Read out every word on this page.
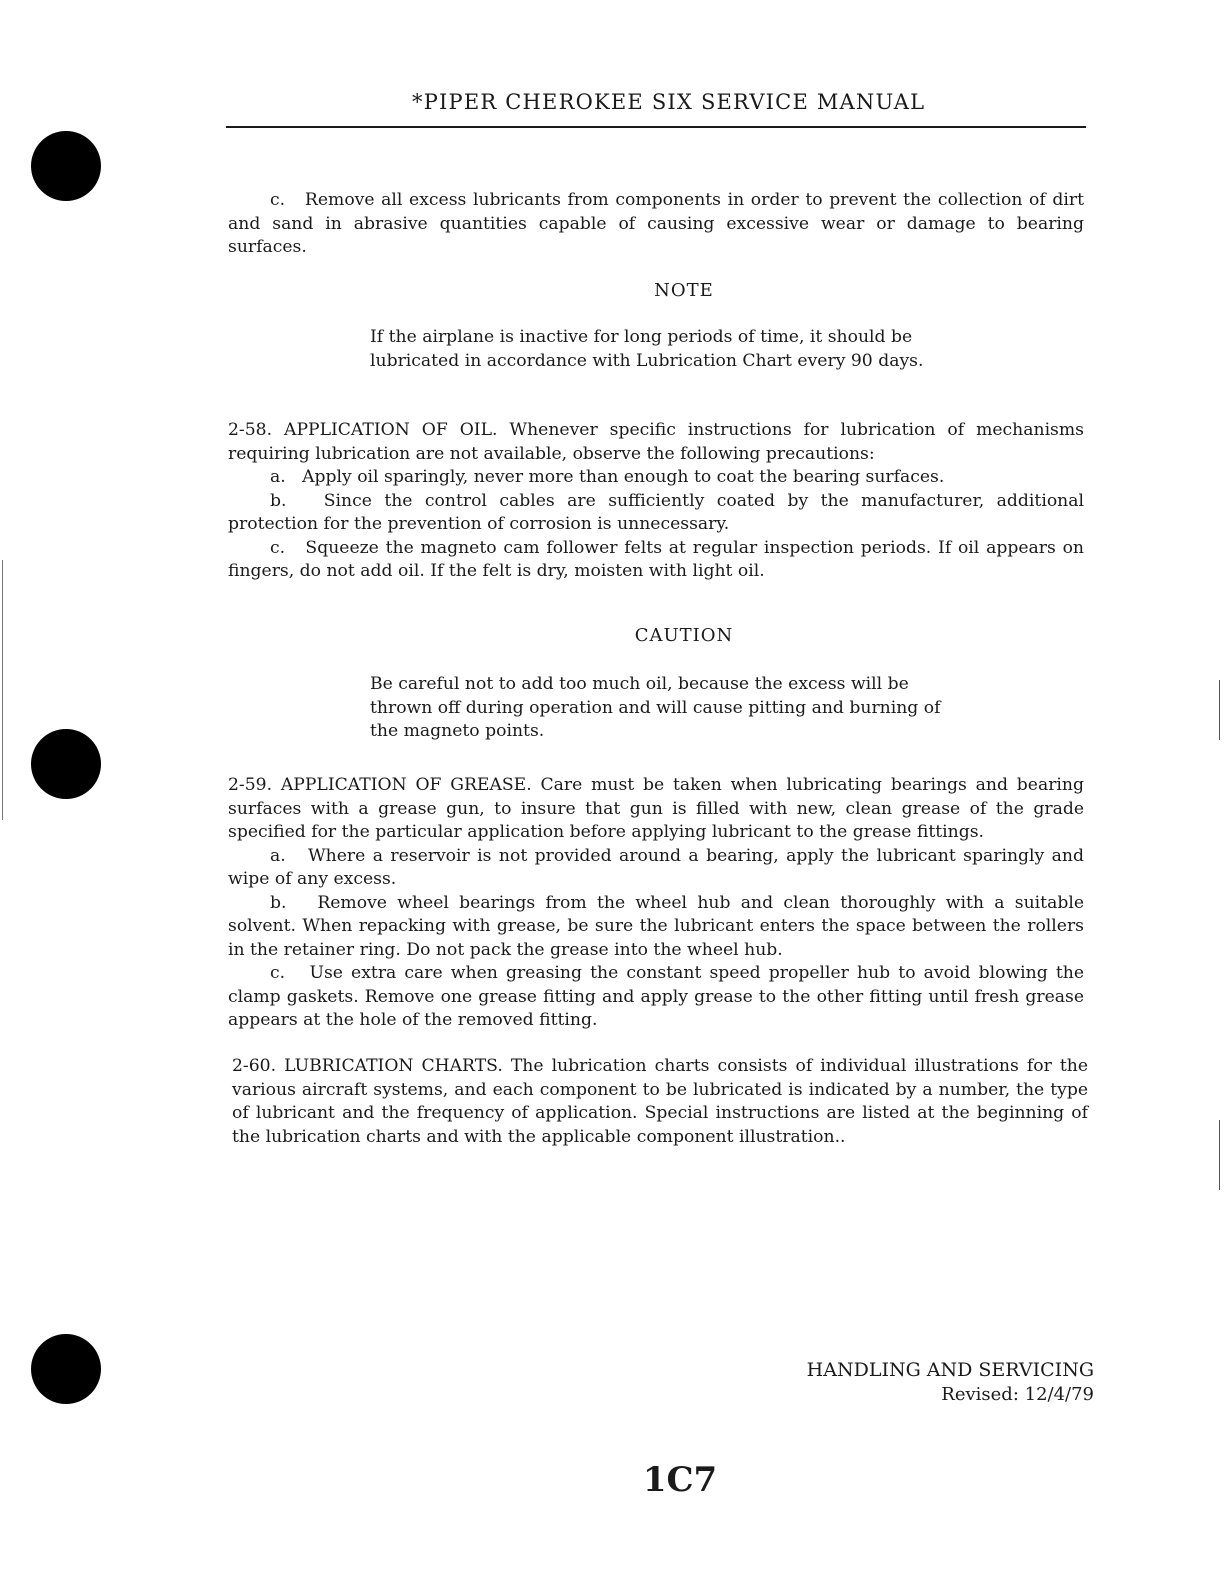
*PIPER CHEROKEE SIX SERVICE MANUAL

c.   Remove all excess lubricants from components in order to prevent the collection of dirt and sand in abrasive quantities capable of causing excessive wear or damage to bearing surfaces.

NOTE

If the airplane is inactive for long periods of time, it should be lubricated in accordance with Lubrication Chart every 90 days.

2-58. APPLICATION OF OIL. Whenever specific instructions for lubrication of mechanisms requiring lubrication are not available, observe the following precautions:

a.   Apply oil sparingly, never more than enough to coat the bearing surfaces.

b.   Since the control cables are sufficiently coated by the manufacturer, additional protection for the prevention of corrosion is unnecessary.

c.   Squeeze the magneto cam follower felts at regular inspection periods. If oil appears on fingers, do not add oil. If the felt is dry, moisten with light oil.

CAUTION

Be careful not to add too much oil, because the excess will be thrown off during operation and will cause pitting and burning of the magneto points.

2-59. APPLICATION OF GREASE. Care must be taken when lubricating bearings and bearing surfaces with a grease gun, to insure that gun is filled with new, clean grease of the grade specified for the particular application before applying lubricant to the grease fittings.

a.   Where a reservoir is not provided around a bearing, apply the lubricant sparingly and wipe of any excess.

b.   Remove wheel bearings from the wheel hub and clean thoroughly with a suitable solvent. When repacking with grease, be sure the lubricant enters the space between the rollers in the retainer ring. Do not pack the grease into the wheel hub.

c.   Use extra care when greasing the constant speed propeller hub to avoid blowing the clamp gaskets. Remove one grease fitting and apply grease to the other fitting until fresh grease appears at the hole of the removed fitting.

2-60. LUBRICATION CHARTS. The lubrication charts consists of individual illustrations for the various aircraft systems, and each component to be lubricated is indicated by a number, the type of lubricant and the frequency of application. Special instructions are listed at the beginning of the lubrication charts and with the applicable component illustration..

HANDLING AND SERVICING
Revised: 12/4/79
1C7
